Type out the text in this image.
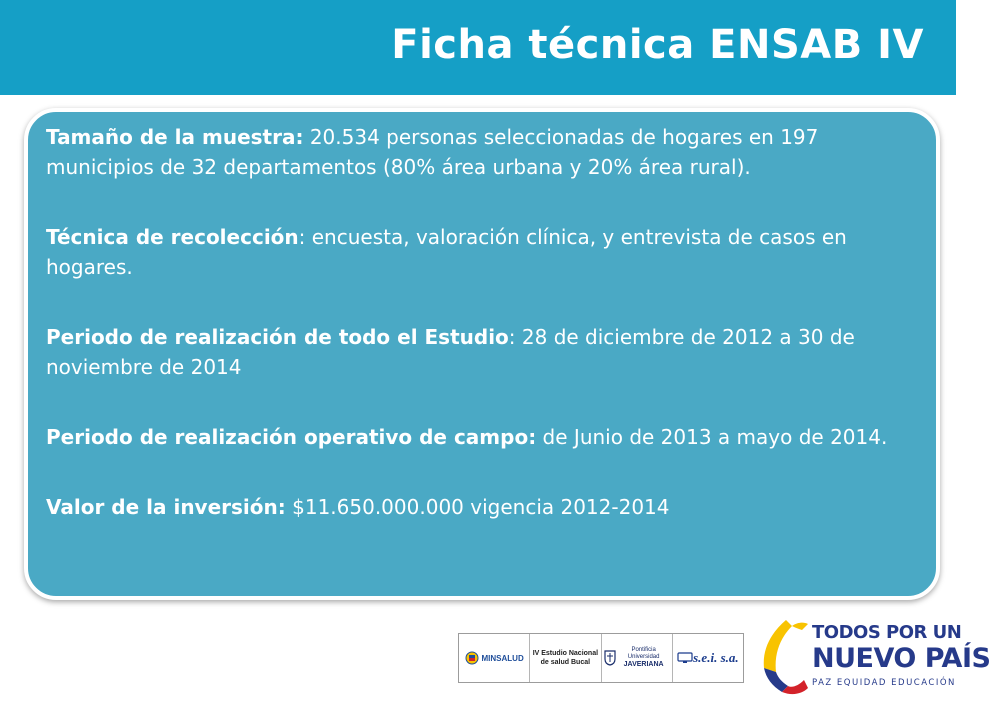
Ficha técnica ENSAB IV

Tamaño de la muestra: 20.534 personas seleccionadas de hogares en 197 municipios de 32 departamentos (80% área urbana y 20% área rural).

Técnica de recolección: encuesta, valoración clínica, y entrevista de casos en hogares.

Periodo de realización de todo el Estudio: 28 de diciembre de 2012 a 30 de noviembre de 2014

Periodo de realización operativo de campo: de Junio de 2013 a mayo de 2014.

Valor de la inversión: $11.650.000.000 vigencia 2012-2014

MINSALUD IV Estudio Nacional
de salud Bucal
Pontificia Universidad
JAVERIANA	s.e.i. s.a.
TODOS POR UN
NUEVO PAÍS
PAZ EQUIDAD EDUCACIÓN
